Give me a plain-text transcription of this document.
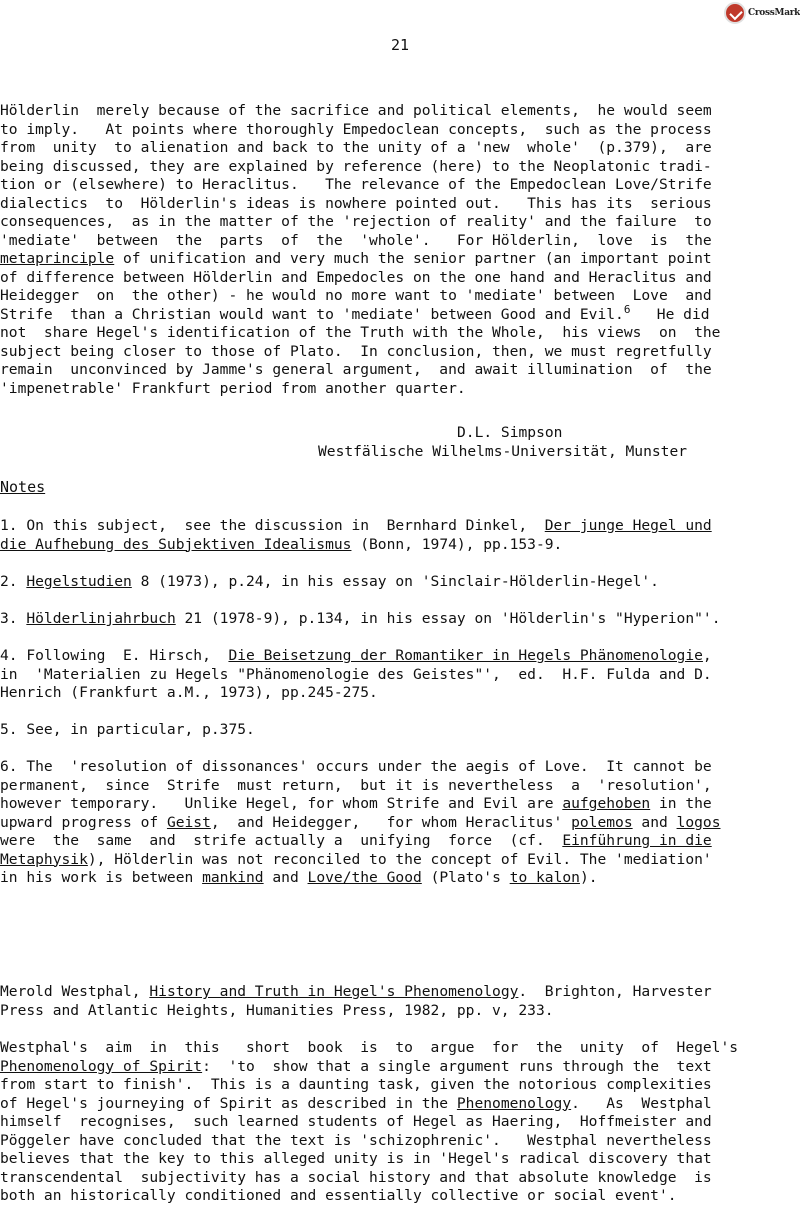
CrossMark
21
Hölderlin  merely because of the sacrifice and political elements,  he would seem
to imply.   At points where thoroughly Empedoclean concepts,  such as the process
from  unity  to alienation and back to the unity of a 'new  whole'  (p.379),  are
being discussed, they are explained by reference (here) to the Neoplatonic tradi-
tion or (elsewhere) to Heraclitus.   The relevance of the Empedoclean Love/Strife
dialectics  to  Hölderlin's ideas is nowhere pointed out.   This has its  serious
consequences,  as in the matter of the 'rejection of reality' and the failure  to
'mediate'  between  the  parts  of  the  'whole'.   For Hölderlin,  love  is  the
metaprinciple of unification and very much the senior partner (an important point
of difference between Hölderlin and Empedocles on the one hand and Heraclitus and
Heidegger  on  the other) - he would no more want to 'mediate' between  Love  and
Strife  than a Christian would want to 'mediate' between Good and Evil.$^6$   He did
not  share Hegel's identification of the Truth with the Whole,  his views  on  the
subject being closer to those of Plato.  In conclusion, then, we must regretfully
remain  unconvinced by Jamme's general argument,  and await illumination  of  the
'impenetrable' Frankfurt period from another quarter.
D.L. Simpson
Westfälische Wilhelms-Universität, Munster
Notes
1. On this subject,  see the discussion in  Bernhard Dinkel,  Der junge Hegel und
die Aufhebung des Subjektiven Idealismus (Bonn, 1974), pp.153-9.
2. Hegelstudien 8 (1973), p.24, in his essay on 'Sinclair-Hölderlin-Hegel'.
3. Hölderlinjahrbuch 21 (1978-9), p.134, in his essay on 'Hölderlin's "Hyperion"'.
4. Following  E. Hirsch,  Die Beisetzung der Romantiker in Hegels Phänomenologie,
in  'Materialien zu Hegels "Phänomenologie des Geistes"',  ed.  H.F. Fulda and D.
Henrich (Frankfurt a.M., 1973), pp.245-275.
5. See, in particular, p.375.
6. The  'resolution of dissonances' occurs under the aegis of Love.  It cannot be
permanent,  since  Strife  must return,  but it is nevertheless  a  'resolution',
however temporary.   Unlike Hegel, for whom Strife and Evil are aufgehoben in the
upward progress of Geist,  and Heidegger,   for whom Heraclitus' polemos and logos
were  the  same  and  strife actually a  unifying  force  (cf.  Einführung in die
Metaphysik), Hölderlin was not reconciled to the concept of Evil. The 'mediation'
in his work is between mankind and Love/the Good (Plato's to kalon).
Merold Westphal, History and Truth in Hegel's Phenomenology.  Brighton, Harvester
Press and Atlantic Heights, Humanities Press, 1982, pp. v, 233.
Westphal's  aim  in  this   short  book  is  to  argue  for  the  unity  of  Hegel's
Phenomenology of Spirit:  'to  show that a single argument runs through the  text
from start to finish'.  This is a daunting task, given the notorious complexities
of Hegel's journeying of Spirit as described in the Phenomenology.   As  Westphal
himself  recognises,  such learned students of Hegel as Haering,  Hoffmeister and
Pöggeler have concluded that the text is 'schizophrenic'.   Westphal nevertheless
believes that the key to this alleged unity is in 'Hegel's radical discovery that
transcendental  subjectivity has a social history and that absolute knowledge  is
both an historically conditioned and essentially collective or social event'.
